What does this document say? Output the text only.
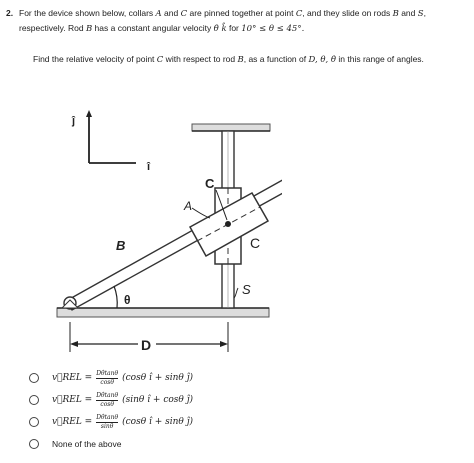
2. For the device shown below, collars A and C are pinned together at point C, and they slide on rods B and S,
respectively. Rod B has a constant angular velocity θ̇ k̂ for 10° ≤ θ ≤ 45°.
Find the relative velocity of point C with respect to rod B, as a function of D, θ, θ̇ in this range of angles.
ĵ
î
A
C
B	C
S
θ
D
v⃗REL = $\frac{D\thetȧ\tan\theta}{\cos\theta} (\cos\theta$ î + sinθ ĵ)
v⃗REL = $\frac{D\thetȧ\tan\theta}{\cos\theta} (\sin\theta$ î + cosθ ĵ)
v⃗REL = $\frac{D\thetȧ\tan\theta}{\sin\theta} (\cos\theta$ î + sinθ ĵ)
None of the above
